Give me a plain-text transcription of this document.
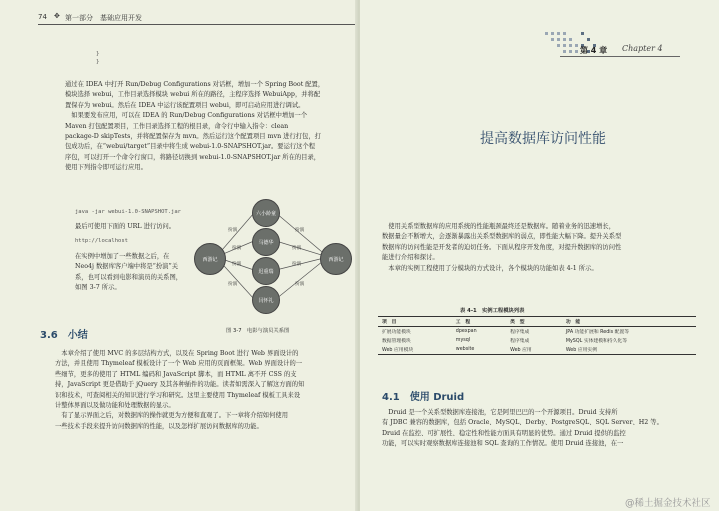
74 ✥ 第一部分　基础应用开发
}
}

通过在 IDEA 中打开 Run/Debug Configurations 对话框，增加一个 Spring Boot 配置，

模块选择 webui，工作目录选择模块 webui 所在的路径，主程序选择 WebuiApp，并将配

置保存为 webui。然后在 IDEA 中运行该配置项目 webui，即可启动应用进行调试。

　如果要发布应用，可以在 IDEA 的 Run/Debug Configurations 对话框中增加一个

Maven 打包配置项目，工作目录选择工程的根目录，命令行中输入指令：clean

package-D skipTests，并将配置保存为 mvn。然后运行这个配置项目 mvn 进行打包，打

包成功后，在“webui/target”目录中将生成 webui-1.0-SNAPSHOT.jar。要运行这个程

序包，可以打开一个命令行窗口，将路径切换到 webui-1.0-SNAPSHOT.jar 所在的目录，

使用下列指令即可运行应用。

java -jar webui-1.0-SNAPSHOT.jar

最后可使用下面的 URL 进行访问。

http://localhost

在实例中增加了一些数据之后，在

Neo4j 数据库客户端中将是“扮演”关

系，也可以看到电影和演员的关系图，

如图 3-7 所示。

西游记	西游记
六小龄童
马德华
迟重瑞
闫怀礼
扮演
扮演
扮演
扮演
扮演
扮演
扮演
扮演
图 3-7　电影与演员关系图
3.6　小结

　本章介绍了使用 MVC 的多层结构方式，以及在 Spring Boot 进行 Web 界面设计的

方法，并且使用 Thymeleaf 模板设计了一个 Web 应用的页面框架。Web 界面设计的一

些细节，更多的使用了 HTML 编码和 JavaScript 脚本，而 HTML 离不开 CSS 的支

持，JavaScript 更是借助于 jQuery 及其各种插件的功能。读者如需深入了解这方面的知

识和技术，可查阅相关的知识进行学习和研究。这里主要使用 Thymeleaf 模板工具来设

计整体界面以及做功能和处理数据的显示。

　有了显示界面之后，对数据库的操作就更为方便和直观了。下一章将介绍如何使用

一些技术手段来提升访问数据库的性能，以及怎样扩展访问数据库的功能。

第 4 章 Chapter 4
提高数据库访问性能

　使用关系型数据库的应用系统的性能瓶颈最终还是数据库。随着业务的迅速增长，

数据量会不断增大，会逐渐暴露出关系型数据库的弱点，即性能大幅下降。提升关系型

数据库的访问性能是开发者的迫切任务。下面从程序开发角度，对提升数据库的访问性

能进行介绍和探讨。

　本章的实例工程使用了分模块的方式设计，各个模块的功能如表 4-1 所示。

表 4-1　实例工程模块列表
项　目	工　程	类　型	功　能
扩展功能模块	dpexpan	程序集成	JPA 功能扩展和 Redis 配置等
数据管理模块	mysql	程序集成	MySQL 实体建模和持久化等
Web 应用模块	website	Web 应用	Web 应用实例
4.1　使用 Druid

　Druid 是一个关系型数据库连接池，它是阿里巴巴的一个开源项目。Druid 支持所

有 JDBC 兼容的数据库，包括 Oracle、MySQL、Derby、PostgreSQL、SQL Server、H2 等。

Druid 在监控、可扩展性、稳定性和性能方面具有明显的优势。通过 Druid 提供的监控

功能，可以实时观察数据库连接池和 SQL 查询的工作情况。使用 Druid 连接池，在一

@稀土掘金技术社区
